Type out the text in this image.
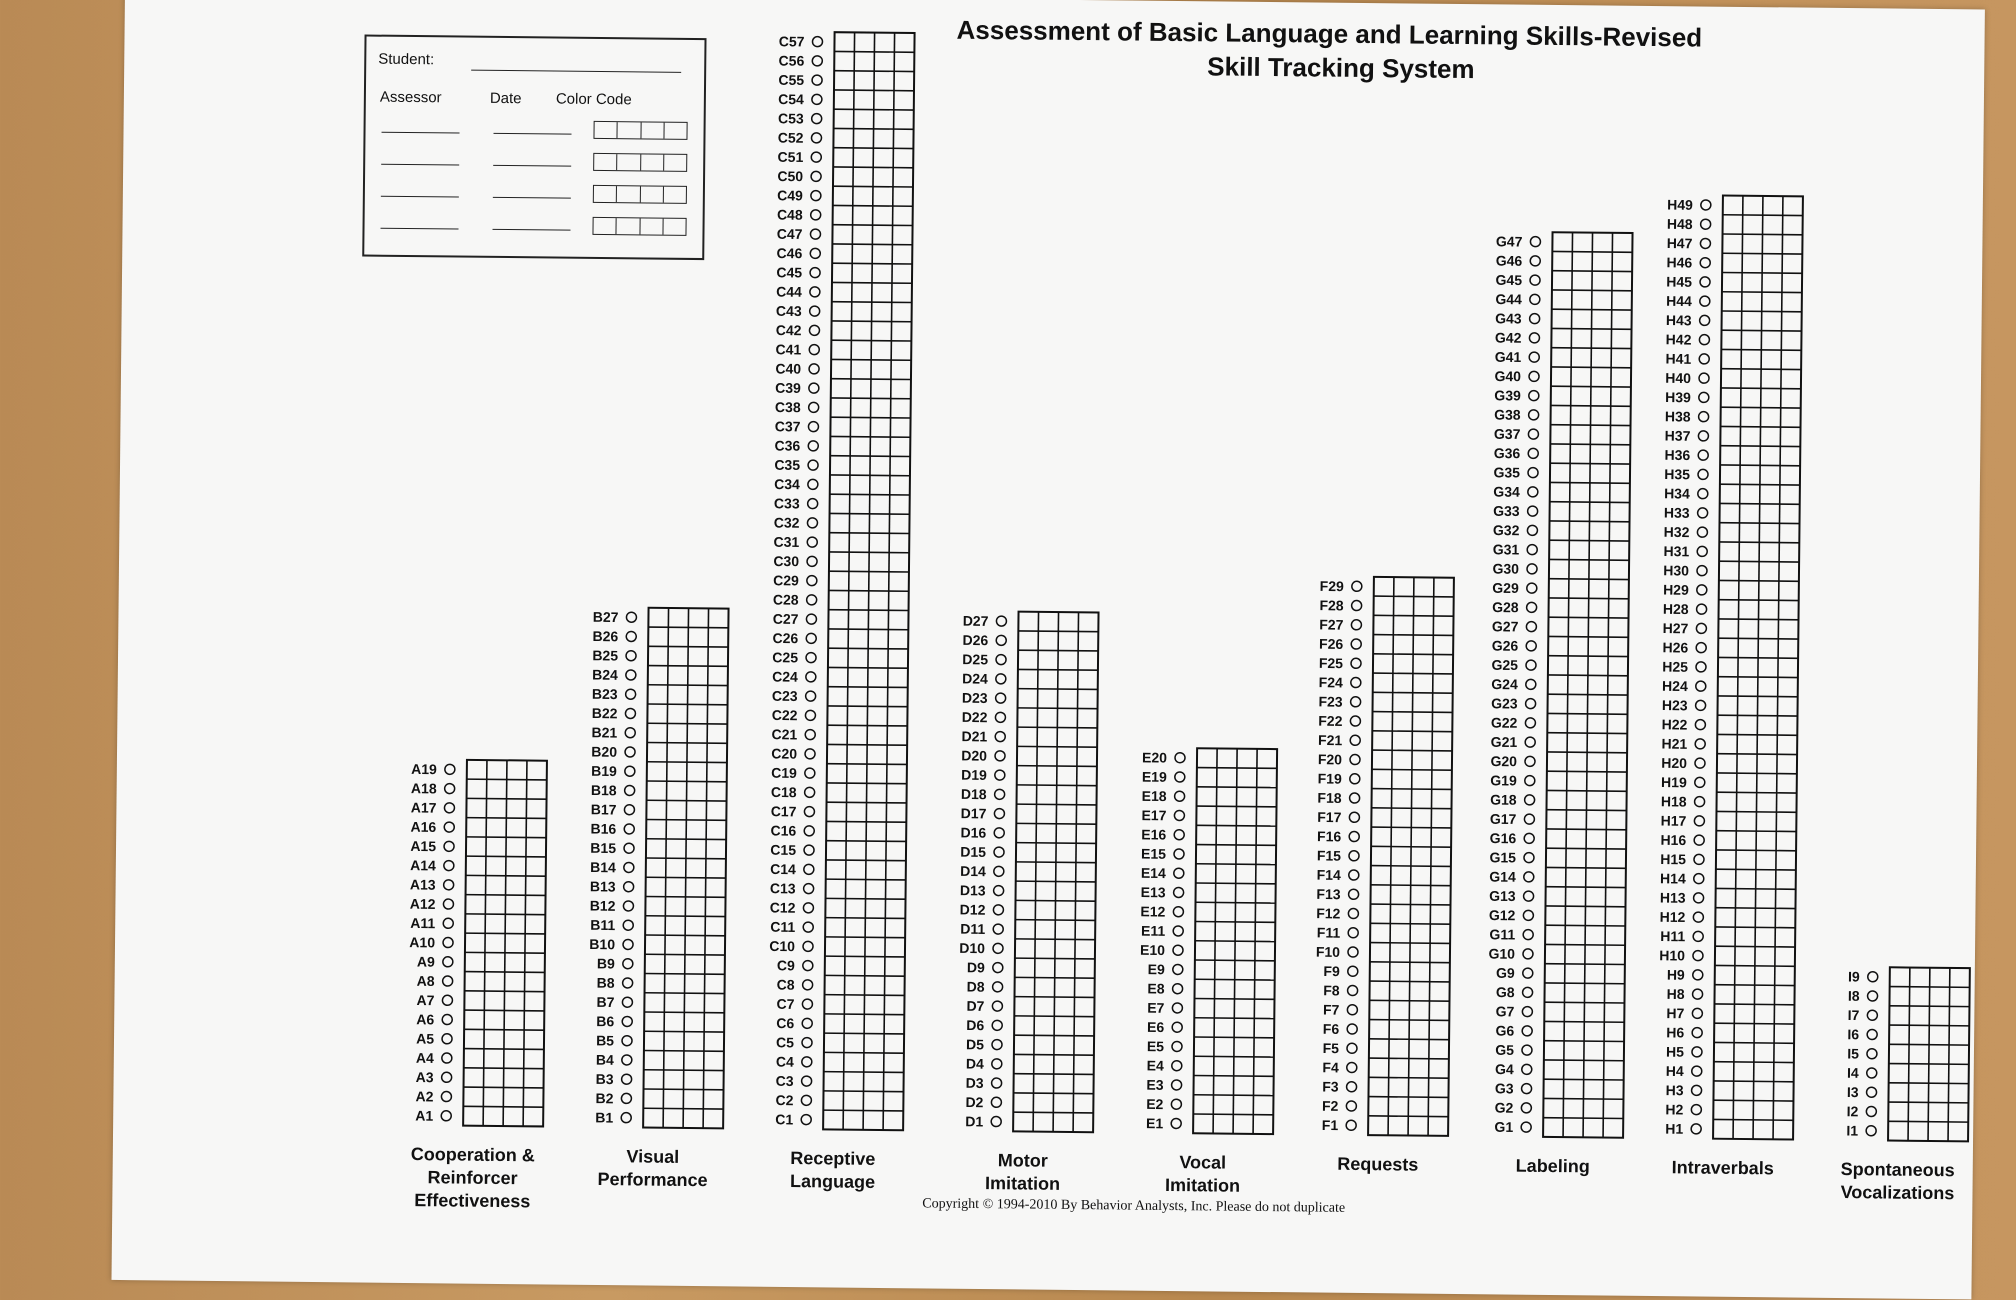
Assessment of Basic Language and Learning Skills-Revised
Skill Tracking System
Student:
Assessor	Date Color Code
A1
A2
A3
A4
A5
A6
A7
A8
A9
A10
A11
A12
A13
A14
A15
A16
A17
A18
A19
B1
B2
B3
B4
B5
B6
B7
B8
B9
B10
B11
B12
B13
B14
B15
B16
B17
B18
B19
B20
B21
B22
B23
B24
B25
B26
B27
C1
C2
C3
C4
C5
C6
C7
C8
C9
C10
C11
C12
C13
C14
C15
C16
C17
C18
C19
C20
C21
C22
C23
C24
C25
C26
C27
C28
C29
C30
C31
C32
C33
C34
C35
C36
C37
C38
C39
C40
C41
C42
C43
C44
C45
C46
C47
C48
C49
C50
C51
C52
C53
C54
C55
C56
C57
D1
D2
D3
D4
D5
D6
D7
D8
D9
D10
D11
D12
D13
D14
D15
D16
D17
D18
D19
D20
D21
D22
D23
D24
D25
D26
D27
E1
E2
E3
E4
E5
E6
E7
E8
E9
E10
E11
E12
E13
E14
E15
E16
E17
E18
E19
E20
F1
F2
F3
F4
F5
F6
F7
F8
F9
F10
F11
F12
F13
F14
F15
F16
F17
F18
F19
F20
F21
F22
F23
F24
F25
F26
F27
F28
F29
G1
G2
G3
G4
G5
G6
G7
G8
G9
G10
G11
G12
G13
G14
G15
G16
G17
G18
G19
G20
G21
G22
G23
G24
G25
G26
G27
G28
G29
G30
G31
G32
G33
G34
G35
G36
G37
G38
G39
G40
G41
G42
G43
G44
G45
G46
G47
H1
H2
H3
H4
H5
H6
H7
H8
H9
H10
H11
H12
H13
H14
H15
H16
H17
H18
H19
H20
H21
H22
H23
H24
H25
H26
H27
H28
H29
H30
H31
H32
H33
H34
H35
H36
H37
H38
H39
H40
H41
H42
H43
H44
H45
H46
H47
H48
H49
I1
I2
I3
I4
I5
I6
I7
I8
I9
Cooperation &
Reinforcer
Effectiveness
Visual
Performance
Receptive
Language
Motor
Imitation
Vocal
Imitation
Requests	Labeling	Intraverbals	Spontaneous
Vocalizations
Copyright © 1994-2010 By Behavior Analysts, Inc. Please do not duplicate
